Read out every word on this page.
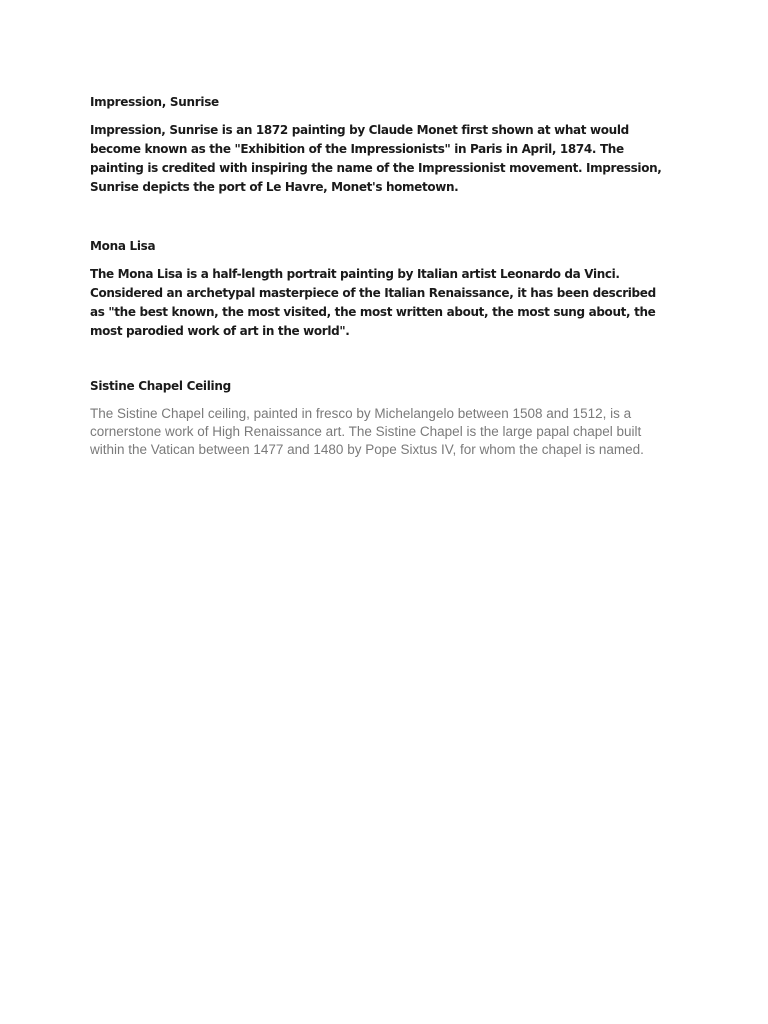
Impression, Sunrise

Impression, Sunrise is an 1872 painting by Claude Monet first shown at what would become known as the "Exhibition of the Impressionists" in Paris in April, 1874. The painting is credited with inspiring the name of the Impressionist movement. Impression, Sunrise depicts the port of Le Havre, Monet's hometown.

Mona Lisa

The Mona Lisa is a half-length portrait painting by Italian artist Leonardo da Vinci. Considered an archetypal masterpiece of the Italian Renaissance, it has been described as "the best known, the most visited, the most written about, the most sung about, the most parodied work of art in the world".

Sistine Chapel Ceiling

The Sistine Chapel ceiling, painted in fresco by Michelangelo between 1508 and 1512, is a cornerstone work of High Renaissance art. The Sistine Chapel is the large papal chapel built within the Vatican between 1477 and 1480 by Pope Sixtus IV, for whom the chapel is named.
